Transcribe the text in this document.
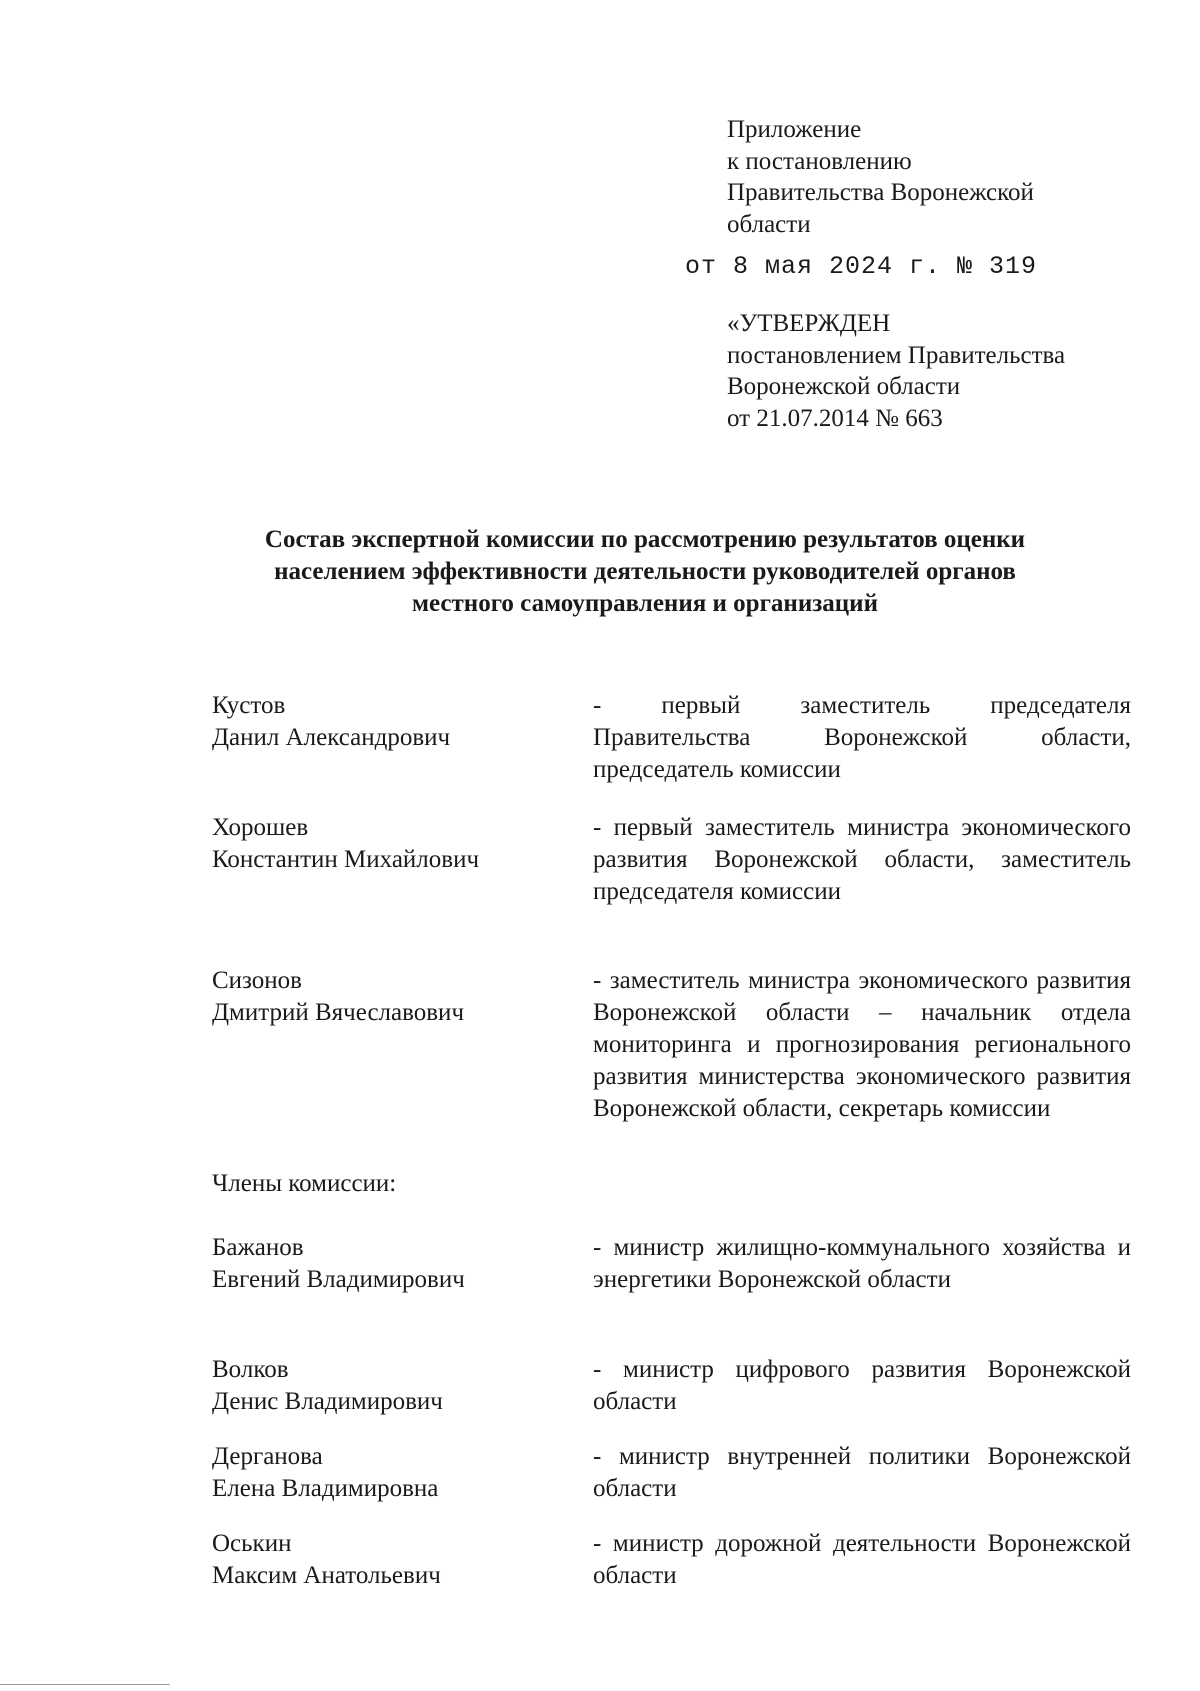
Приложение
к постановлению
Правительства Воронежской
области
от 8 мая 2024 г. № 319
«УТВЕРЖДЕН
постановлением Правительства
Воронежской области
от 21.07.2014 № 663
Состав экспертной комиссии по рассмотрению результатов оценки
населением эффективности деятельности руководителей органов
местного самоуправления и организаций
Кустов
Данил Александрович
- первый заместитель председателя Правительства Воронежской области, председатель комиссии
Хорошев
Константин Михайлович
- первый заместитель министра экономического развития Воронежской области, заместитель председателя комиссии
Сизонов
Дмитрий Вячеславович
- заместитель министра экономического развития Воронежской области – начальник отдела мониторинга и прогнозирования регионального развития министерства экономического развития Воронежской области, секретарь комиссии
Члены комиссии:
Бажанов
Евгений Владимирович
- министр жилищно-коммунального хозяйства и энергетики Воронежской области
Волков
Денис Владимирович
- министр цифрового развития Воронежской области
Дерганова
Елена Владимировна
- министр внутренней политики Воронежской области
Оськин
Максим Анатольевич
- министр дорожной деятельности Воронежской области
